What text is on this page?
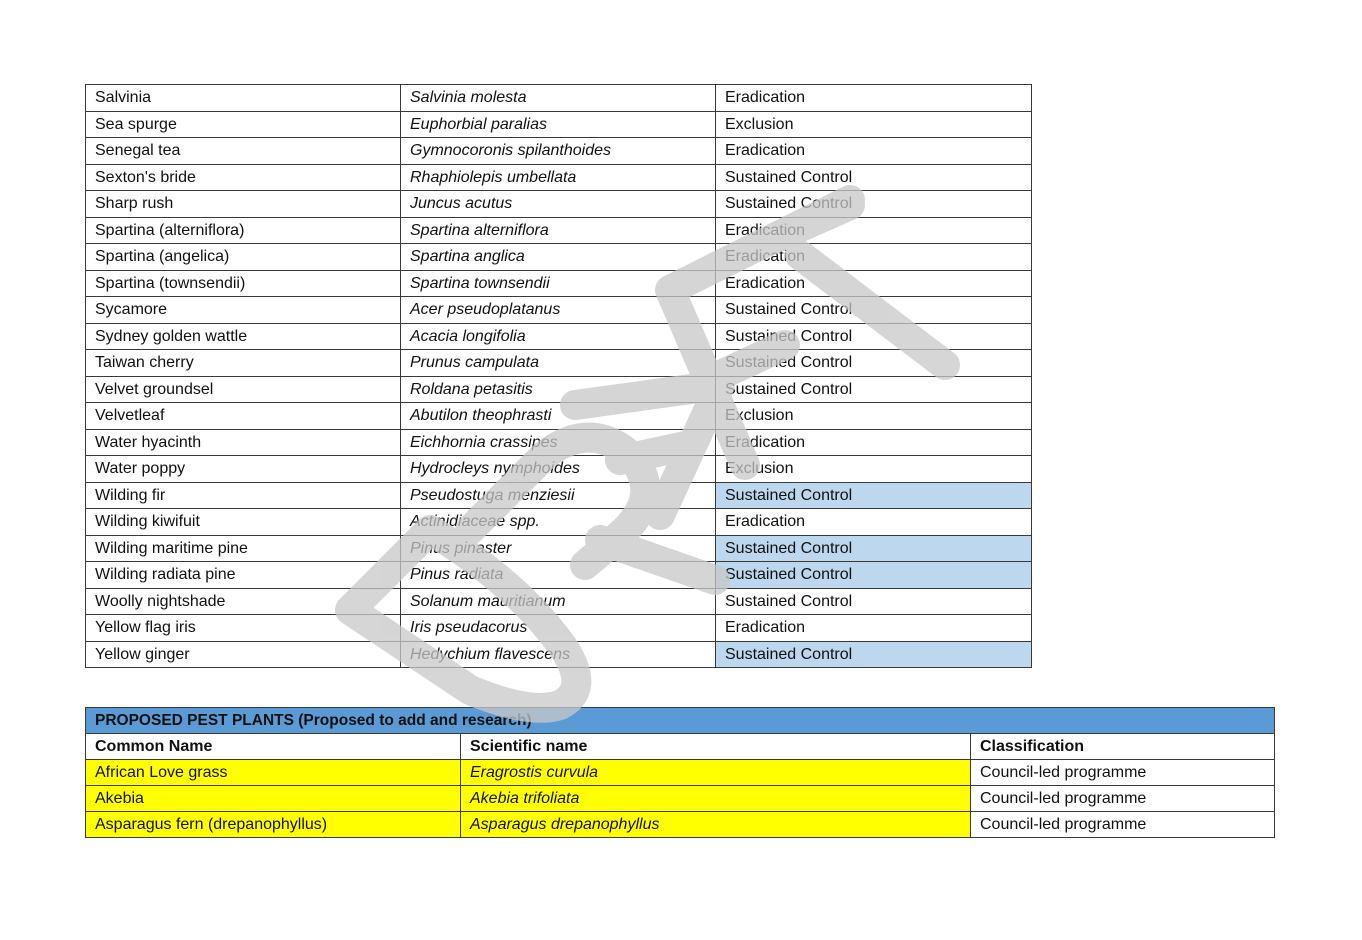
Salvinia	Salvinia molesta	Eradication
Sea spurge	Euphorbial paralias	Exclusion
Senegal tea	Gymnocoronis spilanthoides	Eradication
Sexton's bride	Rhaphiolepis umbellata	Sustained Control
Sharp rush	Juncus acutus	Sustained Control
Spartina (alterniflora)	Spartina alterniflora	Eradication
Spartina (angelica)	Spartina anglica	Eradication
Spartina (townsendii)	Spartina townsendii	Eradication
Sycamore	Acer pseudoplatanus	Sustained Control
Sydney golden wattle	Acacia longifolia	Sustained Control
Taiwan cherry	Prunus campulata	Sustained Control
Velvet groundsel	Roldana petasitis	Sustained Control
Velvetleaf	Abutilon theophrasti	Exclusion
Water hyacinth	Eichhornia crassipes	Eradication
Water poppy	Hydrocleys nymphoides	Exclusion
Wilding fir	Pseudostuga menziesii	Sustained Control
Wilding kiwifuit	Actinidiaceae spp.	Eradication
Wilding maritime pine	Pinus pinaster	Sustained Control
Wilding radiata pine	Pinus radiata	Sustained Control
Woolly nightshade	Solanum mauritianum	Sustained Control
Yellow flag iris	Iris pseudacorus	Eradication
Yellow ginger	Hedychium flavescens	Sustained Control
PROPOSED PEST PLANTS (Proposed to add and research)		
Common Name	Scientific name	Classification
African Love grass	Eragrostis curvula	Council-led programme
Akebia	Akebia trifoliata	Council-led programme
Asparagus fern (drepanophyllus)	Asparagus drepanophyllus	Council-led programme
